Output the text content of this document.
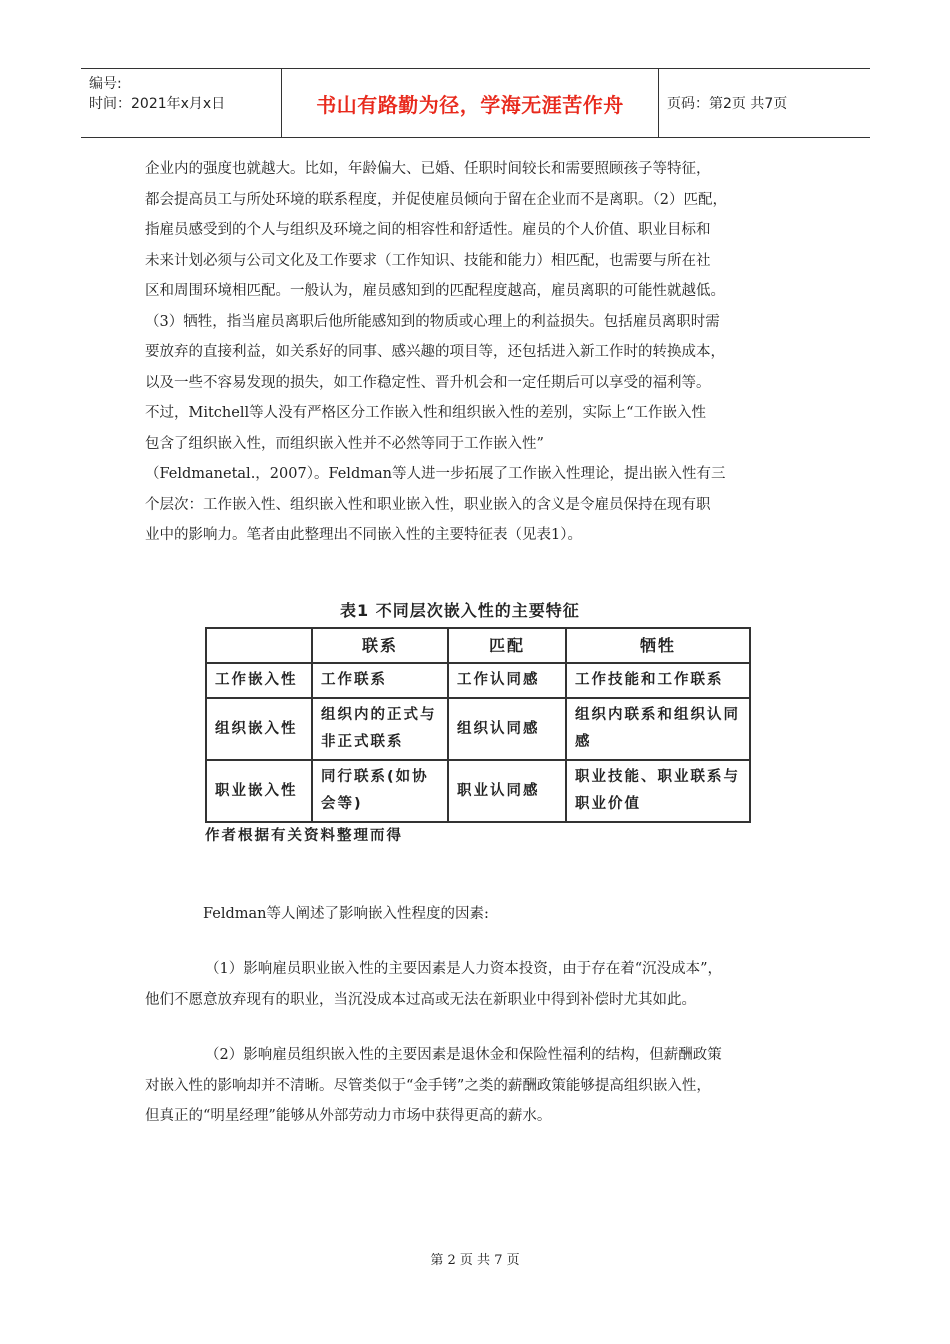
编号:
时间：2021年x月x日	书山有路勤为径，学海无涯苦作舟	页码：第2页 共7页

企业内的强度也就越大。比如，年龄偏大、已婚、任职时间较长和需要照顾孩子等特征，

都会提高员工与所处环境的联系程度，并促使雇员倾向于留在企业而不是离职。（2）匹配，

指雇员感受到的个人与组织及环境之间的相容性和舒适性。雇员的个人价值、职业目标和

未来计划必须与公司文化及工作要求（工作知识、技能和能力）相匹配，也需要与所在社

区和周围环境相匹配。一般认为，雇员感知到的匹配程度越高，雇员离职的可能性就越低。

（3）牺牲，指当雇员离职后他所能感知到的物质或心理上的利益损失。包括雇员离职时需

要放弃的直接利益，如关系好的同事、感兴趣的项目等，还包括进入新工作时的转换成本，

以及一些不容易发现的损失，如工作稳定性、晋升机会和一定任期后可以享受的福利等。

不过，Mitchell等人没有严格区分工作嵌入性和组织嵌入性的差别，实际上“工作嵌入性

包含了组织嵌入性，而组织嵌入性并不必然等同于工作嵌入性”

（Feldmanetal.，2007）。Feldman等人进一步拓展了工作嵌入性理论，提出嵌入性有三

个层次：工作嵌入性、组织嵌入性和职业嵌入性，职业嵌入的含义是令雇员保持在现有职

业中的影响力。笔者由此整理出不同嵌入性的主要特征表（见表1）。

表1 不同层次嵌入性的主要特征
	联系	匹配	牺牲
工作嵌入性	工作联系	工作认同感	工作技能和工作联系
组织嵌入性	组织内的正式与非正式联系	组织认同感	组织内联系和组织认同感
职业嵌入性	同行联系(如协会等)	职业认同感	职业技能、职业联系与职业价值
作者根据有关资料整理而得

Feldman等人阐述了影响嵌入性程度的因素:

（1）影响雇员职业嵌入性的主要因素是人力资本投资，由于存在着“沉没成本”，

他们不愿意放弃现有的职业，当沉没成本过高或无法在新职业中得到补偿时尤其如此。

（2）影响雇员组织嵌入性的主要因素是退休金和保险性福利的结构，但薪酬政策

对嵌入性的影响却并不清晰。尽管类似于“金手铐”之类的薪酬政策能够提高组织嵌入性，

但真正的“明星经理”能够从外部劳动力市场中获得更高的薪水。

第 2 页 共 7 页
